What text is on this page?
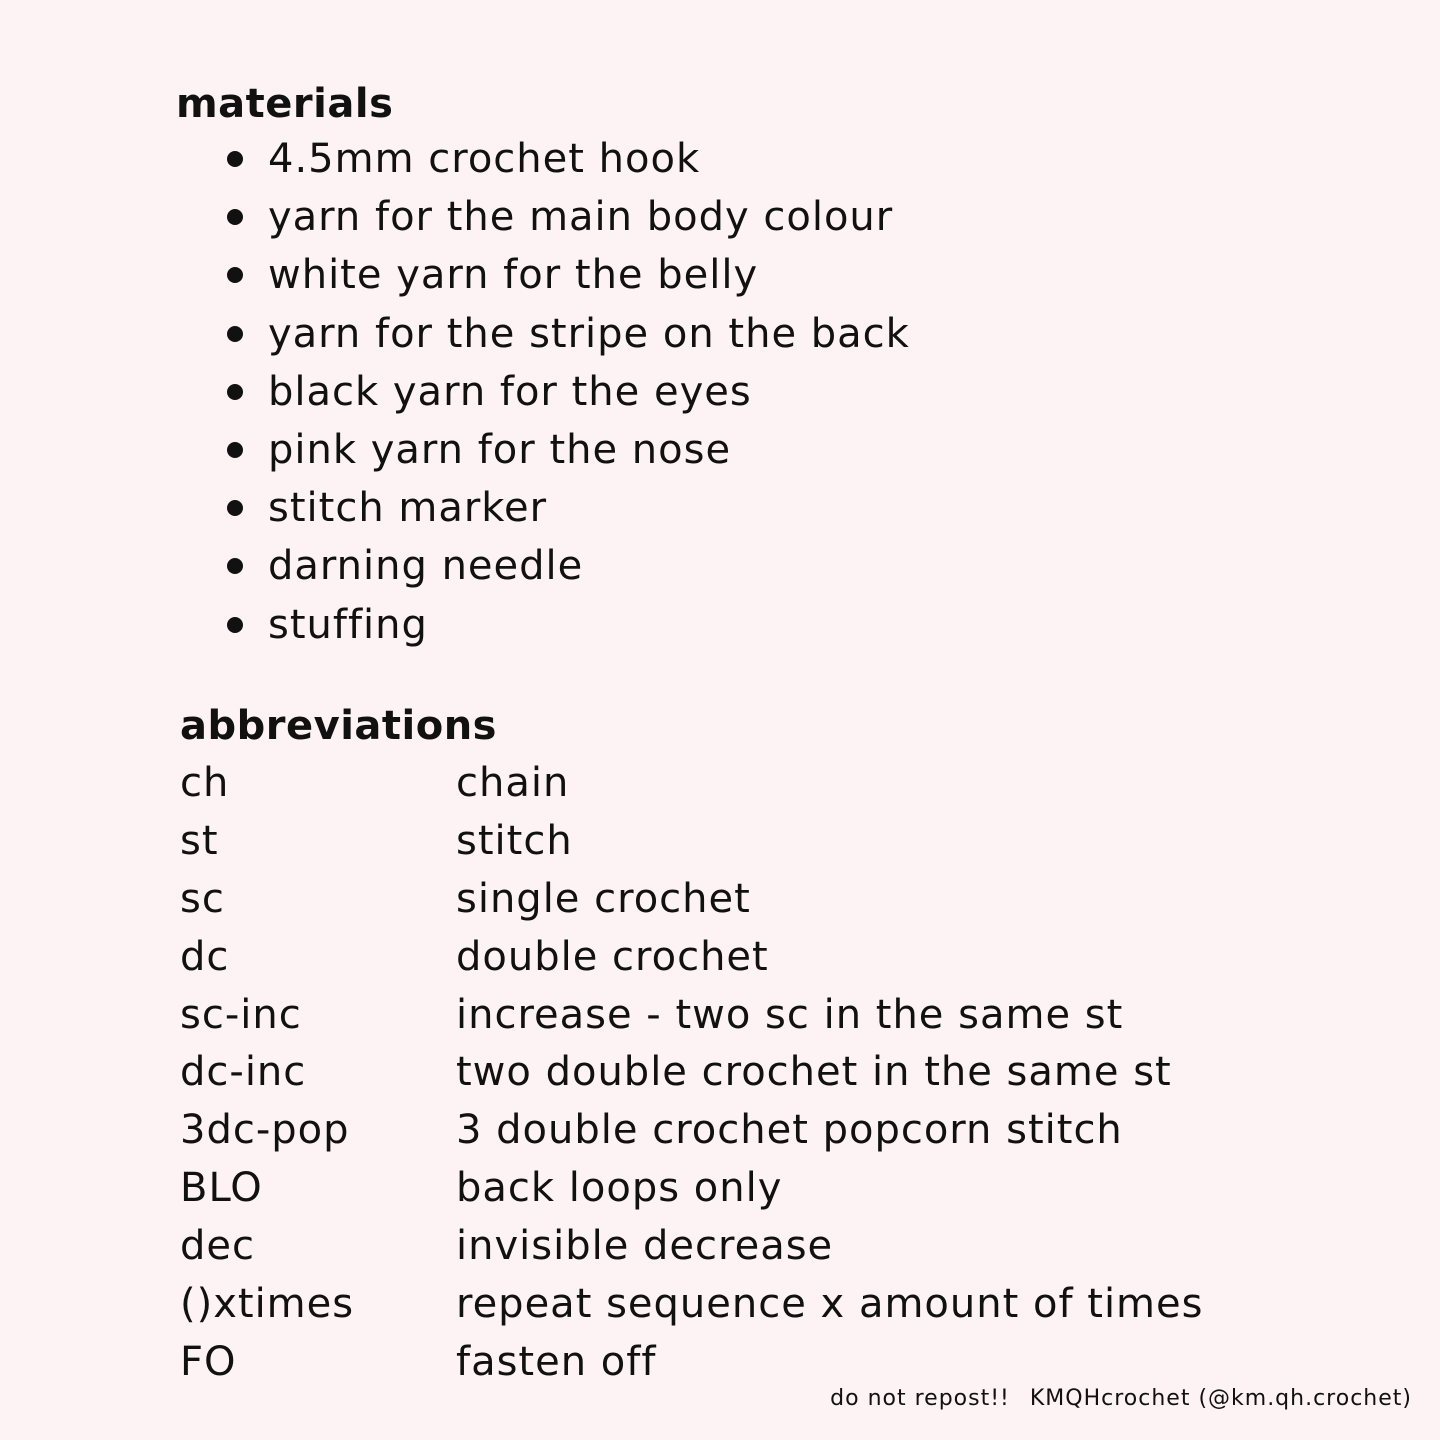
materials
4.5mm crochet hook
yarn for the main body colour
white yarn for the belly
yarn for the stripe on the back
black yarn for the eyes
pink yarn for the nose
stitch marker
darning needle
stuffing
abbreviations
ch	chain
st	stitch
sc	single crochet
dc	double crochet
sc-inc	increase - two sc in the same st
dc-inc	two double crochet in the same st
3dc-pop	3 double crochet popcorn stitch
BLO	back loops only
dec	invisible decrease
()xtimes	repeat sequence x amount of times
FO	fasten off
do not repost!! KMQHcrochet (@km.qh.crochet)
